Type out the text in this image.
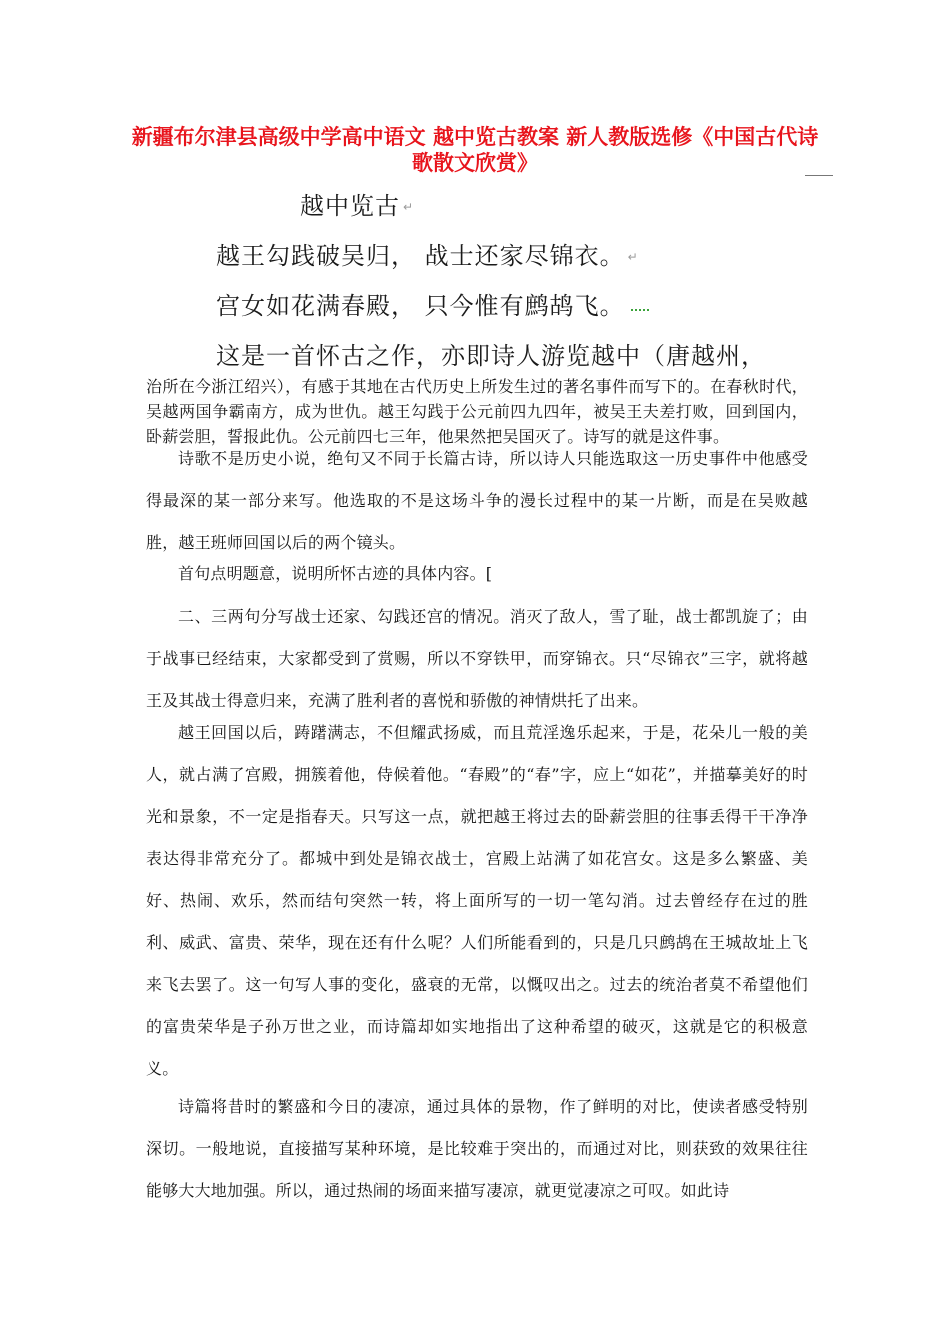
新疆布尔津县高级中学高中语文 越中览古教案 新人教版选修《中国古代诗歌散文欣赏》
越中览古 ↵
越王勾践破吴归， 战士还家尽锦衣。 ↵
宫女如花满春殿， 只今惟有鹧鸪飞。
这是一首怀古之作，亦即诗人游览越中（唐越州，

治所在今浙江绍兴），有感于其地在古代历史上所发生过的著名事件而写下的。在春秋时代，吴越两国争霸南方，成为世仇。越王勾践于公元前四九四年，被吴王夫差打败，回到国内，卧薪尝胆，誓报此仇。公元前四七三年，他果然把吴国灭了。诗写的就是这件事。

诗歌不是历史小说，绝句又不同于长篇古诗，所以诗人只能选取这一历史事件中他感受得最深的某一部分来写。他选取的不是这场斗争的漫长过程中的某一片断，而是在吴败越胜，越王班师回国以后的两个镜头。

首句点明题意，说明所怀古迹的具体内容。[

二、三两句分写战士还家、勾践还宫的情况。消灭了敌人，雪了耻，战士都凯旋了；由于战事已经结束，大家都受到了赏赐，所以不穿铁甲，而穿锦衣。只“尽锦衣”三字，就将越王及其战士得意归来，充满了胜利者的喜悦和骄傲的神情烘托了出来。

越王回国以后，踌躇满志，不但耀武扬威，而且荒淫逸乐起来，于是，花朵儿一般的美人，就占满了宫殿，拥簇着他，侍候着他。“春殿”的“春”字，应上“如花”，并描摹美好的时光和景象，不一定是指春天。只写这一点，就把越王将过去的卧薪尝胆的往事丢得干干净净表达得非常充分了。都城中到处是锦衣战士，宫殿上站满了如花宫女。这是多么繁盛、美好、热闹、欢乐，然而结句突然一转，将上面所写的一切一笔勾消。过去曾经存在过的胜利、威武、富贵、荣华，现在还有什么呢？人们所能看到的，只是几只鹧鸪在王城故址上飞来飞去罢了。这一句写人事的变化，盛衰的无常，以慨叹出之。过去的统治者莫不希望他们的富贵荣华是子孙万世之业，而诗篇却如实地指出了这种希望的破灭，这就是它的积极意义。

诗篇将昔时的繁盛和今日的凄凉，通过具体的景物，作了鲜明的对比，使读者感受特别深切。一般地说，直接描写某种环境，是比较难于突出的，而通过对比，则获致的效果往往能够大大地加强。所以，通过热闹的场面来描写凄凉，就更觉凄凉之可叹。如此诗
